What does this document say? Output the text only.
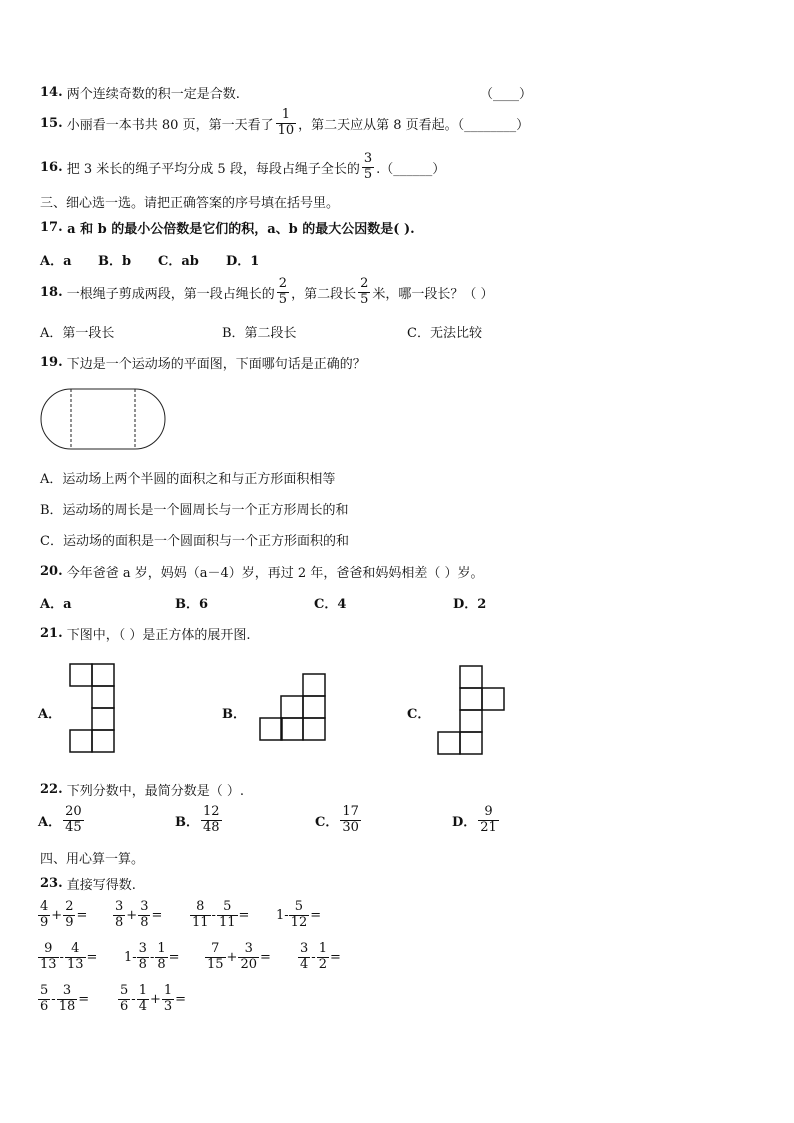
14.
两个连续奇数的积一定是合数.	（____）
15.
小丽看一本书共 80 页，第一天看了 $\frac{1}{10}$ ，第二天应从第 8 页看起。（________）
16.
把 3 米长的绳子平均分成 5 段，每段占绳子全长的 $\frac{3}{5}$ .（______）
三、细心选一选。请把正确答案的序号填在括号里。
17.
a 和 b 的最小公倍数是它们的积，a、b 的最大公因数是( ).
A．a B．b C．ab D．1
18.
一根绳子剪成两段，第一段占绳长的 $\frac{2}{5}$ ，第二段长 $\frac{2}{5}$ 米，哪一段长？（ ）
A．第一段长	B．第二段长	C．无法比较
19.
下边是一个运动场的平面图，下面哪句话是正确的？
A．运动场上两个半圆的面积之和与正方形面积相等
B．运动场的周长是一个圆周长与一个正方形周长的和
C．运动场的面积是一个圆面积与一个正方形面积的和
20.
今年爸爸 a 岁，妈妈（a－4）岁，再过 2 年，爸爸和妈妈相差（ ）岁。
A．a	B．6	C．4	D．2
21.
下图中，（ ）是正方体的展开图.
A．	B．	C．
22.
下列分数中，最简分数是（ ）.
A． $\frac{20}{45}$	B． $\frac{12}{48}$	C． $\frac{17}{30}$	D． $\frac{9}{21}$
四、用心算一算。
23.
直接写得数.
$\frac{4}{9} + \frac{2}{9} = \frac{3}{8} + \frac{3}{8} = \frac{8}{11} - \frac{5}{11} = 1- \frac{5}{12}$ =
$\frac{9}{13} - \frac{4}{13} = 1- \frac{3}{8} - \frac{1}{8} = \frac{7}{15} + \frac{3}{20} = \frac{3}{4} - \frac{1}{2}$ =
$\frac{5}{6} - \frac{3}{18} = \frac{5}{6} - \frac{1}{4} + \frac{1}{3}$ =
